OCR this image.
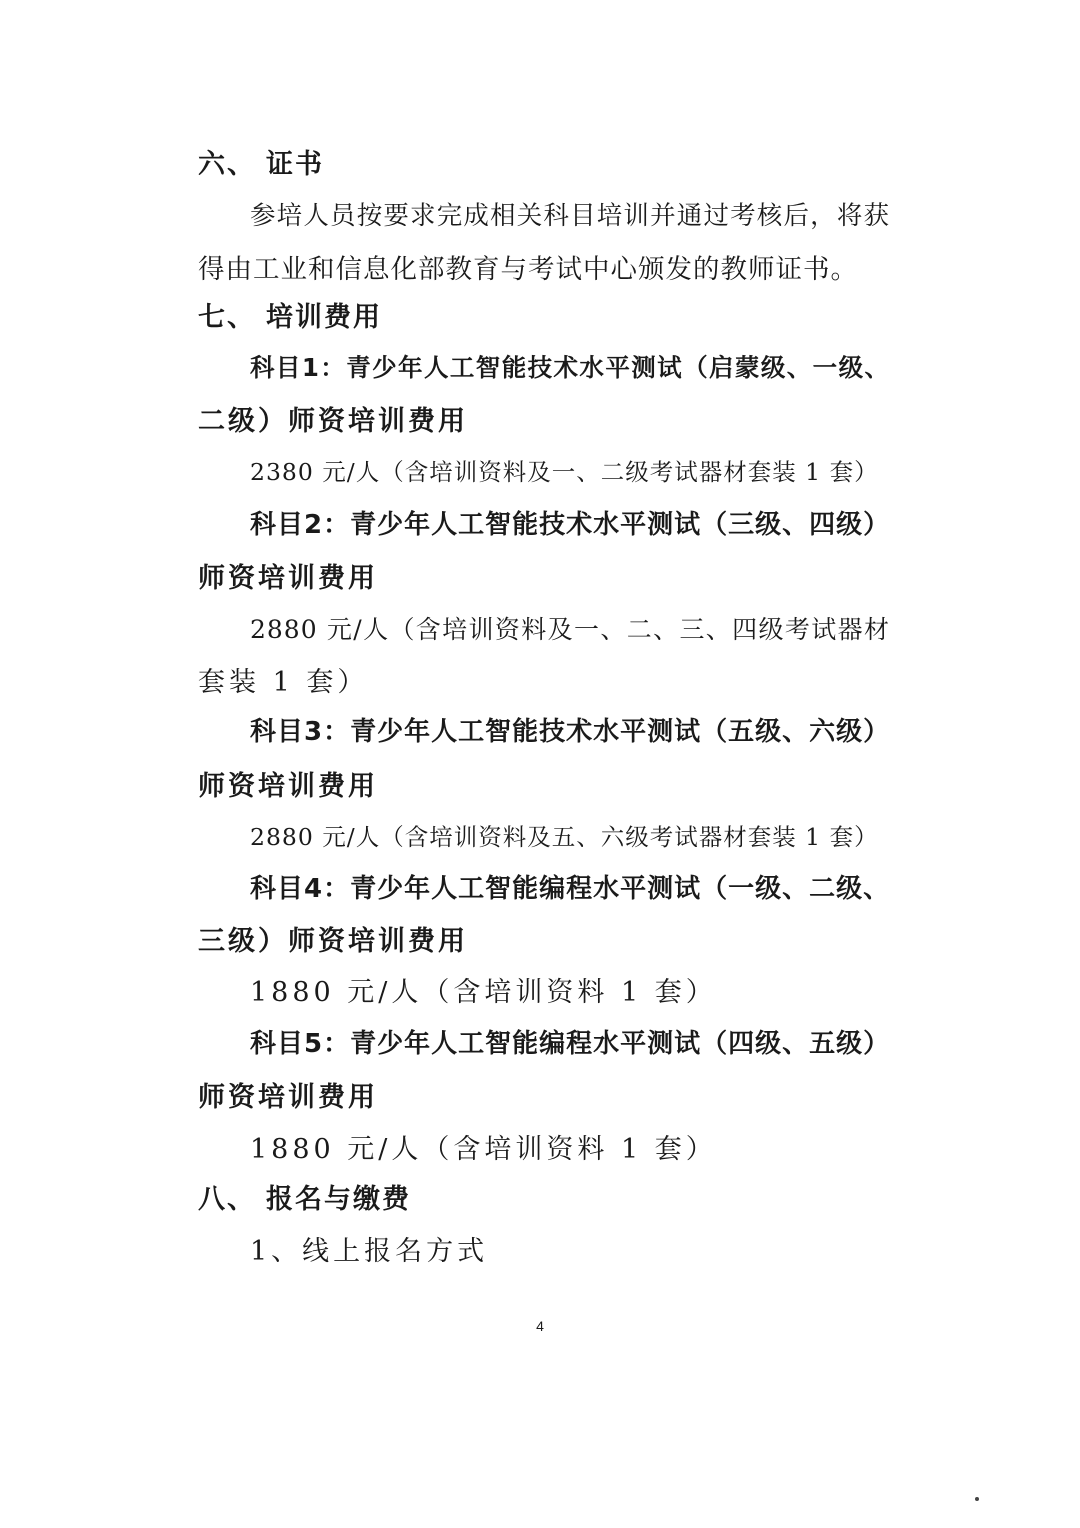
六、 证书
参培人员按要求完成相关科目培训并通过考核后，将获
得由工业和信息化部教育与考试中心颁发的教师证书。
七、 培训费用
科目1：青少年人工智能技术水平测试（启蒙级、一级、
二级）师资培训费用
2380 元/人（含培训资料及一、二级考试器材套装 1 套）
科目2：青少年人工智能技术水平测试（三级、四级）
师资培训费用
2880 元/人（含培训资料及一、二、三、四级考试器材
套装 1 套）
科目3：青少年人工智能技术水平测试（五级、六级）
师资培训费用
2880 元/人（含培训资料及五、六级考试器材套装 1 套）
科目4：青少年人工智能编程水平测试（一级、二级、
三级）师资培训费用
1880 元/人（含培训资料 1 套）
科目5：青少年人工智能编程水平测试（四级、五级）
师资培训费用
1880 元/人（含培训资料 1 套）
八、 报名与缴费
1、线上报名方式
4
